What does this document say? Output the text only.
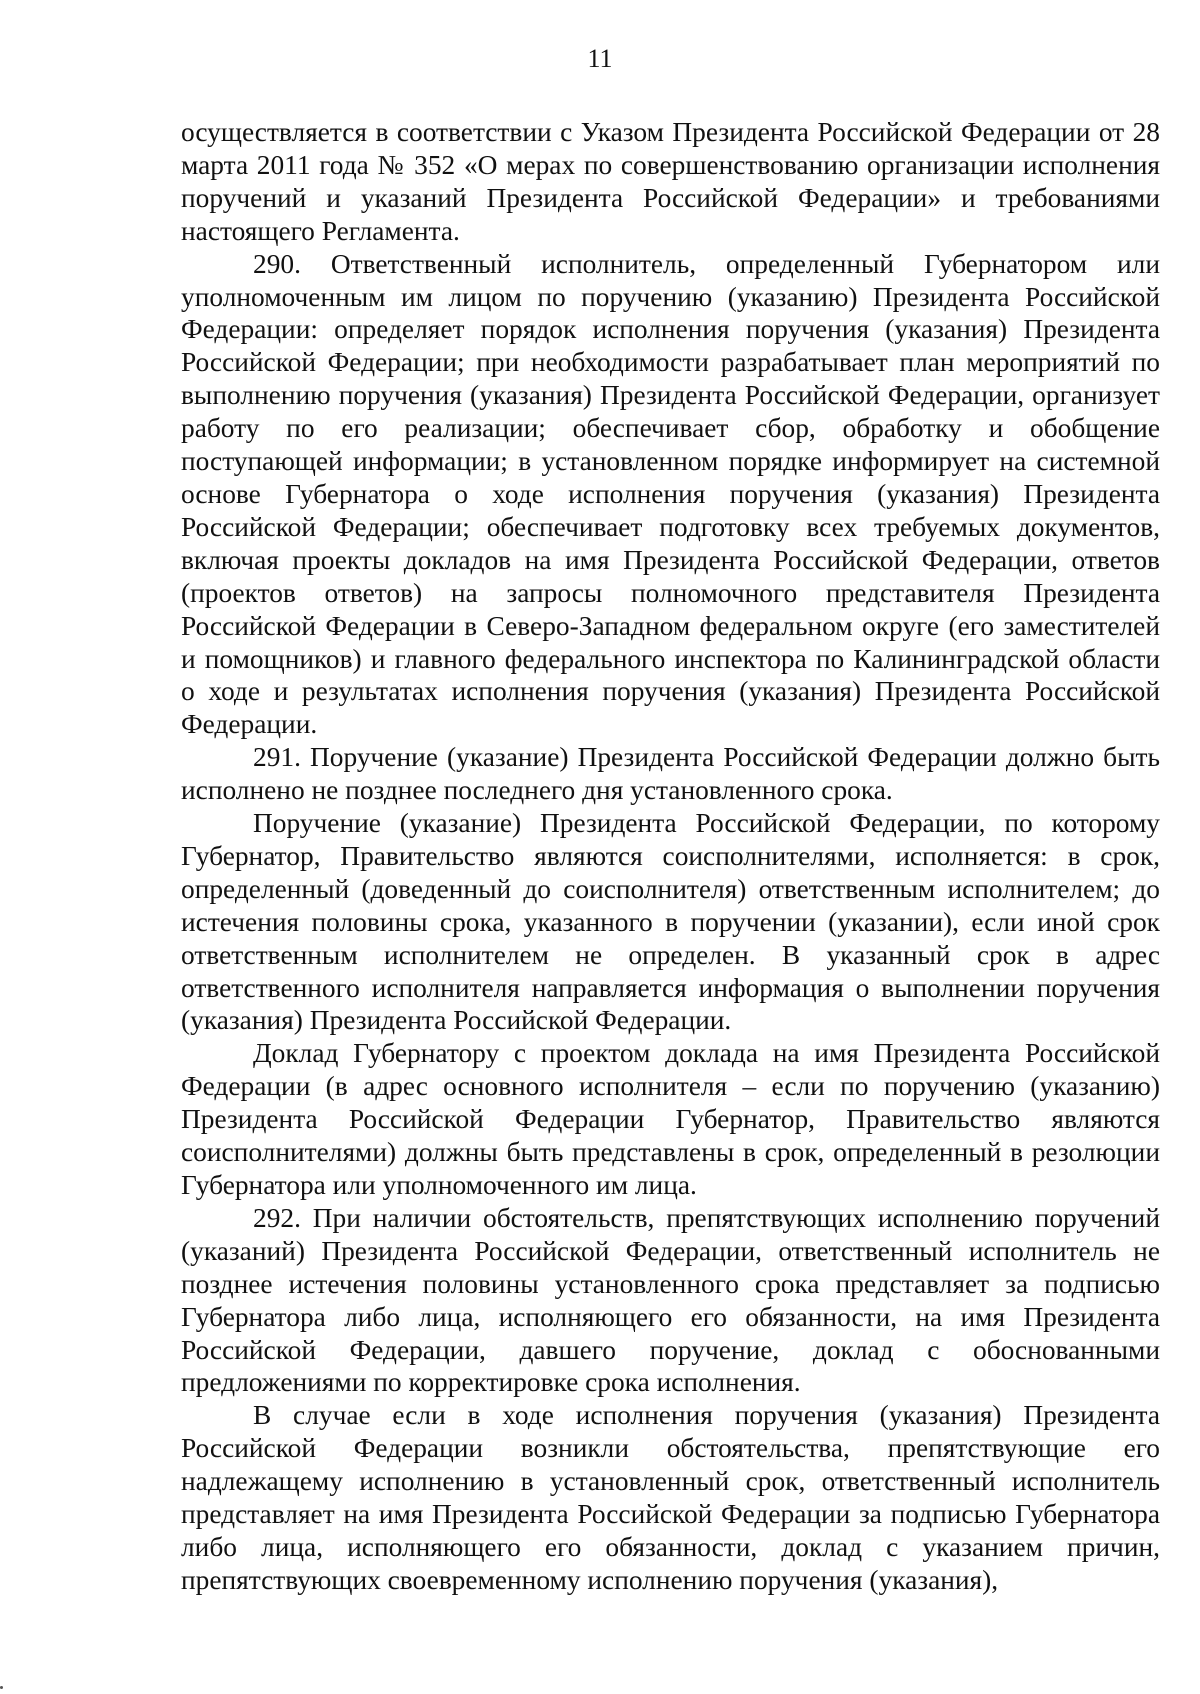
11

осуществляется в соответствии с Указом Президента Российской Федерации от 28 марта 2011 года № 352 «О мерах по совершенствованию организации исполнения поручений и указаний Президента Российской Федерации» и требованиями настоящего Регламента.

290. Ответственный исполнитель, определенный Губернатором или уполномоченным им лицом по поручению (указанию) Президента Российской Федерации: определяет порядок исполнения поручения (указания) Президента Российской Федерации; при необходимости разрабатывает план мероприятий по выполнению поручения (указания) Президента Российской Федерации, организует работу по его реализации; обеспечивает сбор, обработку и обобщение поступающей информации; в установленном порядке информирует на системной основе Губернатора о ходе исполнения поручения (указания) Президента Российской Федерации; обеспечивает подготовку всех требуемых документов, включая проекты докладов на имя Президента Российской Федерации, ответов (проектов ответов) на запросы полномочного представителя Президента Российской Федерации в Северо-Западном федеральном округе (его заместителей и помощников) и главного федерального инспектора по Калининградской области о ходе и результатах исполнения поручения (указания) Президента Российской Федерации.

291. Поручение (указание) Президента Российской Федерации должно быть исполнено не позднее последнего дня установленного срока.

Поручение (указание) Президента Российской Федерации, по которому Губернатор, Правительство являются соисполнителями, исполняется: в срок, определенный (доведенный до соисполнителя) ответственным исполнителем; до истечения половины срока, указанного в поручении (указании), если иной срок ответственным исполнителем не определен. В указанный срок в адрес ответственного исполнителя направляется информация о выполнении поручения (указания) Президента Российской Федерации.

Доклад Губернатору с проектом доклада на имя Президента Российской Федерации (в адрес основного исполнителя – если по поручению (указанию) Президента Российской Федерации Губернатор, Правительство являются соисполнителями) должны быть представлены в срок, определенный в резолюции Губернатора или уполномоченного им лица.

292. При наличии обстоятельств, препятствующих исполнению поручений (указаний) Президента Российской Федерации, ответственный исполнитель не позднее истечения половины установленного срока представляет за подписью Губернатора либо лица, исполняющего его обязанности, на имя Президента Российской Федерации, давшего поручение, доклад с обоснованными предложениями по корректировке срока исполнения.

В случае если в ходе исполнения поручения (указания) Президента Российской Федерации возникли обстоятельства, препятствующие его надлежащему исполнению в установленный срок, ответственный исполнитель представляет на имя Президента Российской Федерации за подписью Губернатора либо лица, исполняющего его обязанности, доклад с указанием причин, препятствующих своевременному исполнению поручения (указания),
